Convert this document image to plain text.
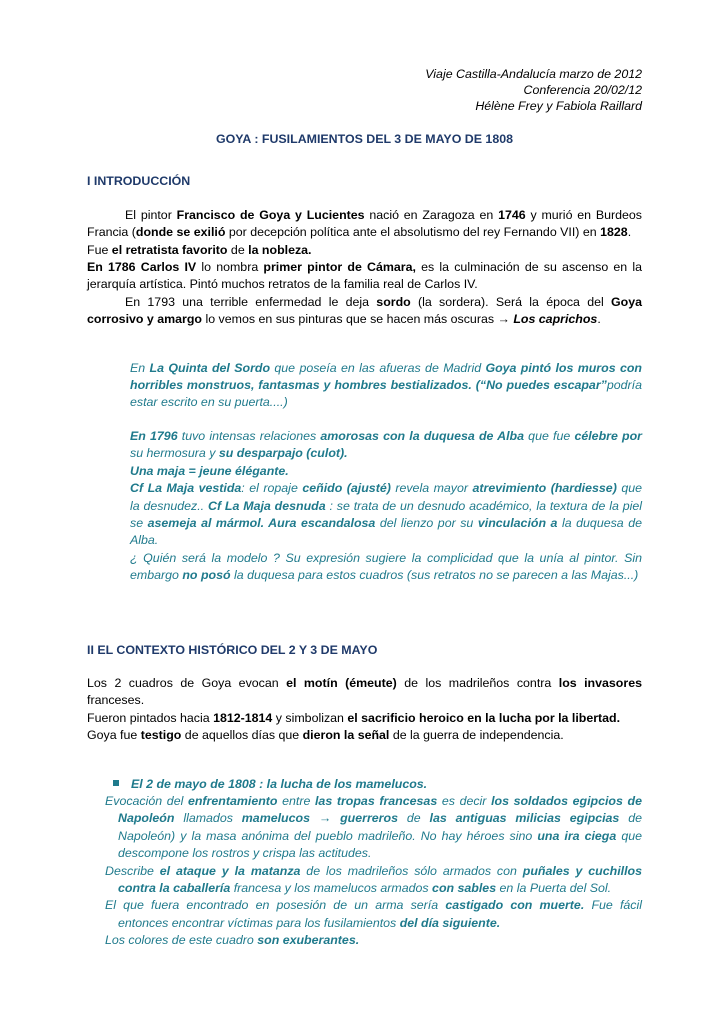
Viaje Castilla-Andalucía marzo de 2012
Conferencia 20/02/12
Hélène Frey y Fabiola Raillard
GOYA : FUSILAMIENTOS DEL 3 DE MAYO DE 1808
I INTRODUCCIÓN

El pintor Francisco de Goya y Lucientes nació en Zaragoza en 1746 y murió en Burdeos Francia (donde se exilió por decepción política ante el absolutismo del rey Fernando VII) en 1828.

Fue el retratista favorito de la nobleza.

En 1786 Carlos IV lo nombra primer pintor de Cámara, es la culminación de su ascenso en la jerarquía artística. Pintó muchos retratos de la familia real de Carlos IV.

En 1793 una terrible enfermedad le deja sordo (la sordera). Será la época del Goya corrosivo y amargo lo vemos en sus pinturas que se hacen más oscuras → Los caprichos.

En La Quinta del Sordo que poseía en las afueras de Madrid Goya pintó los muros con horribles monstruos, fantasmas y hombres bestializados. (“No puedes escapar”podría estar escrito en su puerta....)

En 1796 tuvo intensas relaciones amorosas con la duquesa de Alba que fue célebre por su hermosura y su desparpajo (culot).

Una maja = jeune élégante.

Cf La Maja vestida: el ropaje ceñido (ajusté) revela mayor atrevimiento (hardiesse) que la desnudez.. Cf La Maja desnuda : se trata de un desnudo académico, la textura de la piel se asemeja al mármol. Aura escandalosa del lienzo por su vinculación a la duquesa de Alba.

¿ Quién será la modelo ? Su expresión sugiere la complicidad que la unía al pintor. Sin embargo no posó la duquesa para estos cuadros (sus retratos no se parecen a las Majas...)

II EL CONTEXTO HISTÓRICO DEL 2 Y 3 DE MAYO

Los 2 cuadros de Goya evocan el motín (émeute) de los madrileños contra los invasores franceses.

Fueron pintados hacia 1812-1814 y simbolizan el sacrificio heroico en la lucha por la libertad.

Goya fue testigo de aquellos días que dieron la señal de la guerra de independencia.

El 2 de mayo de 1808 : la lucha de los mamelucos.

Evocación del enfrentamiento entre las tropas francesas es decir los soldados egipcios de Napoleón llamados mamelucos → guerreros de las antiguas milicias egipcias de Napoleón) y la masa anónima del pueblo madrileño. No hay héroes sino una ira ciega que descompone los rostros y crispa las actitudes.

Describe el ataque y la matanza de los madrileños sólo armados con puñales y cuchillos contra la caballería francesa y los mamelucos armados con sables en la Puerta del Sol.

El que fuera encontrado en posesión de un arma sería castigado con muerte. Fue fácil entonces encontrar víctimas para los fusilamientos del día siguiente.

Los colores de este cuadro son exuberantes.
